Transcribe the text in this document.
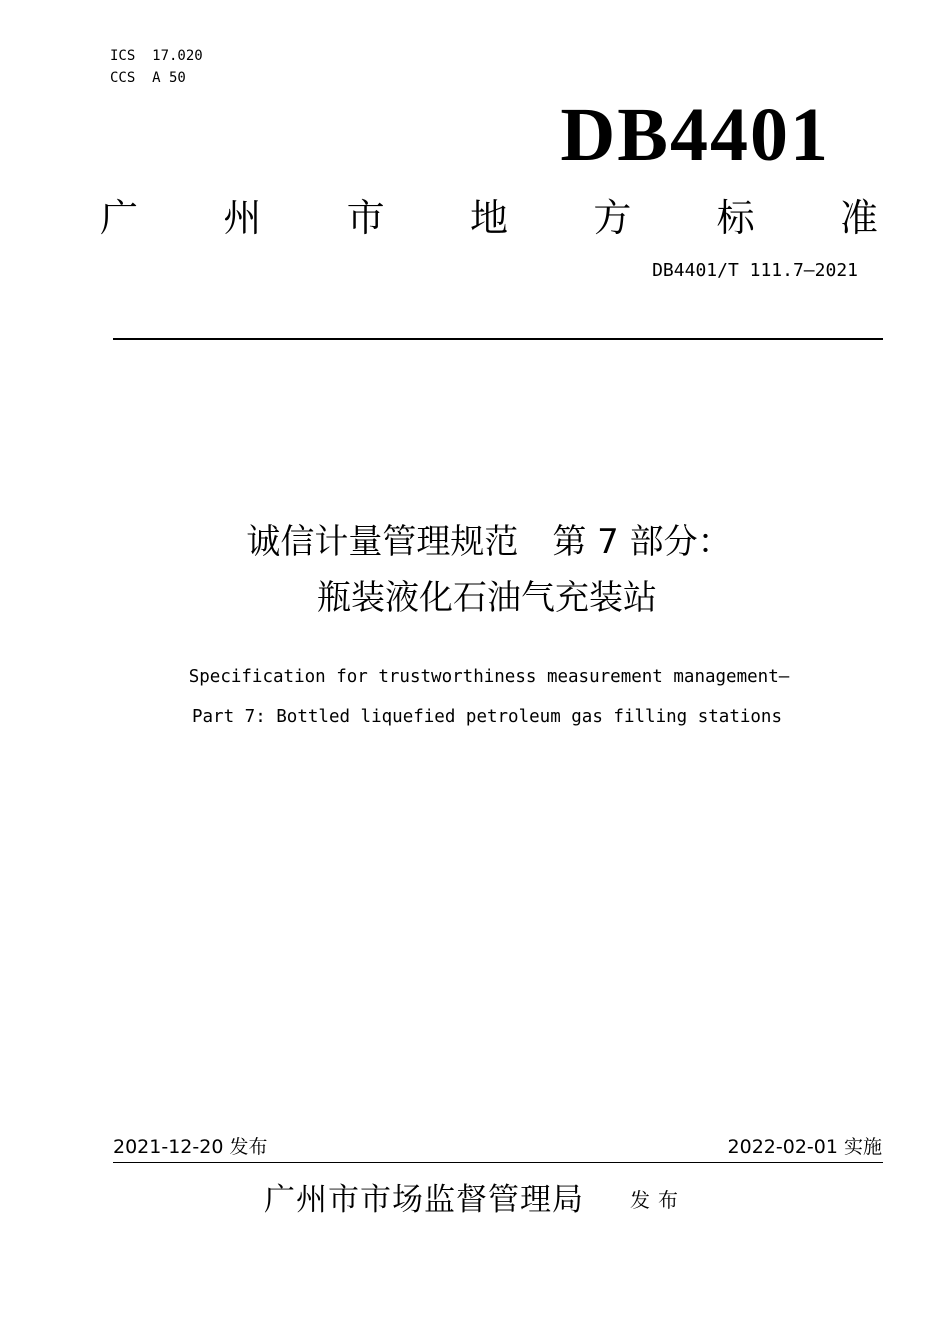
ICS  17.020
CCS  A 50
DB4401
广 州 市 地 方 标 准
DB4401/T 111.7—2021
诚信计量管理规范　第 7 部分：
瓶装液化石油气充装站
Specification for trustworthiness measurement management—
Part 7: Bottled liquefied petroleum gas filling stations
2021-12-20 发布	2022-02-01 实施
广州市市场监督管理局 发布
